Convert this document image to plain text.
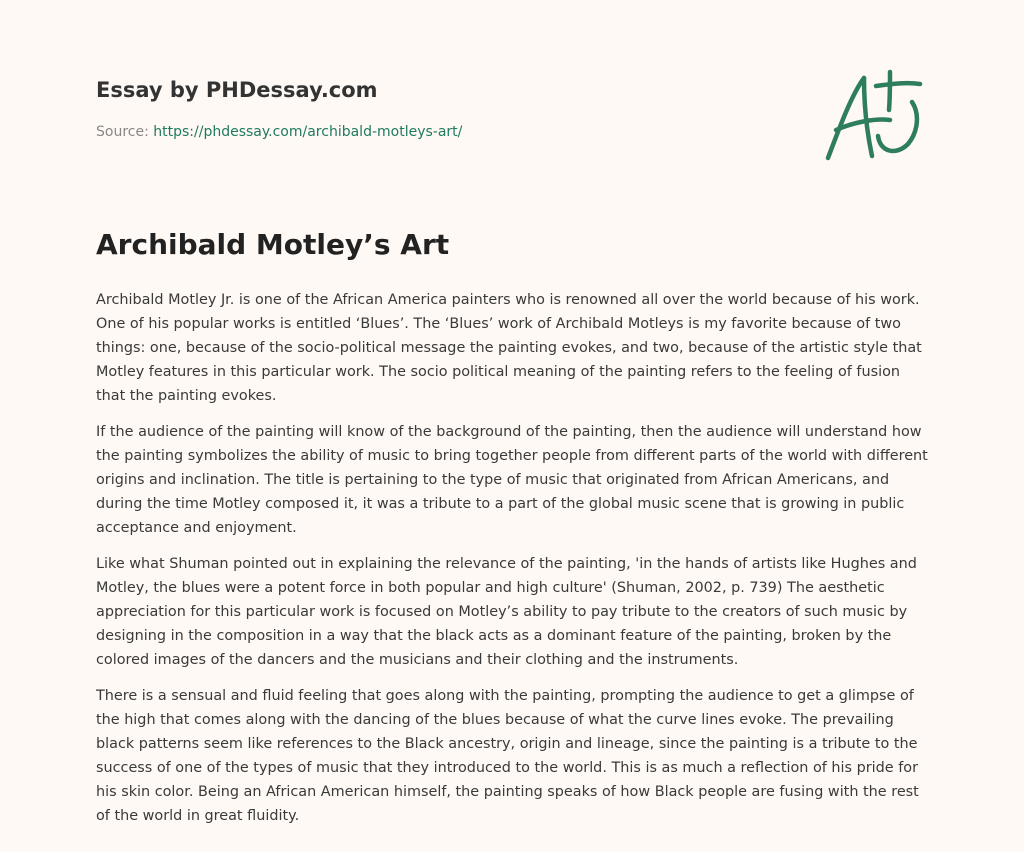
Essay by PHDessay.com
Source: https://phdessay.com/archibald-motleys-art/
Archibald Motley’s Art

Archibald Motley Jr. is one of the African America painters who is renowned all over the world because of his work. One of his popular works is entitled ‘Blues’. The ‘Blues’ work of Archibald Motleys is my favorite because of two things: one, because of the socio-political message the painting evokes, and two, because of the artistic style that Motley features in this particular work. The socio political meaning of the painting refers to the feeling of fusion that the painting evokes.

If the audience of the painting will know of the background of the painting, then the audience will understand how the painting symbolizes the ability of music to bring together people from different parts of the world with different origins and inclination. The title is pertaining to the type of music that originated from African Americans, and during the time Motley composed it, it was a tribute to a part of the global music scene that is growing in public acceptance and enjoyment.

Like what Shuman pointed out in explaining the relevance of the painting, 'in the hands of artists like Hughes and Motley, the blues were a potent force in both popular and high culture' (Shuman, 2002, p. 739) The aesthetic appreciation for this particular work is focused on Motley’s ability to pay tribute to the creators of such music by designing in the composition in a way that the black acts as a dominant feature of the painting, broken by the colored images of the dancers and the musicians and their clothing and the instruments.

There is a sensual and fluid feeling that goes along with the painting, prompting the audience to get a glimpse of the high that comes along with the dancing of the blues because of what the curve lines evoke. The prevailing black patterns seem like references to the Black ancestry, origin and lineage, since the painting is a tribute to the success of one of the types of music that they introduced to the world. This is as much a reflection of his pride for his skin color. Being an African American himself, the painting speaks of how Black people are fusing with the rest of the world in great fluidity.
